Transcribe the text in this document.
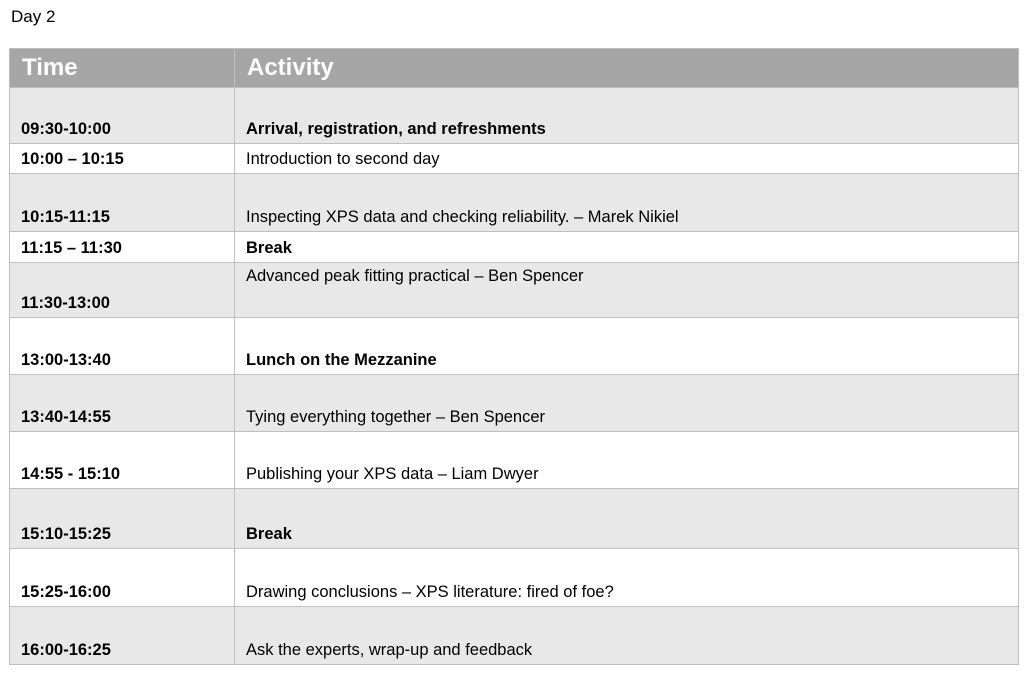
Day 2
Time	Activity
09:30-10:00	Arrival, registration, and refreshments
10:00 – 10:15	Introduction to second day
10:15-11:15	Inspecting XPS data and checking reliability. – Marek Nikiel
11:15 – 11:30	Break
11:30-13:00	Advanced peak fitting practical – Ben Spencer
13:00-13:40	Lunch on the Mezzanine
13:40-14:55	Tying everything together – Ben Spencer
14:55 - 15:10	Publishing your XPS data – Liam Dwyer
15:10-15:25	Break
15:25-16:00	Drawing conclusions – XPS literature: fired of foe?
16:00-16:25	Ask the experts, wrap-up and feedback
